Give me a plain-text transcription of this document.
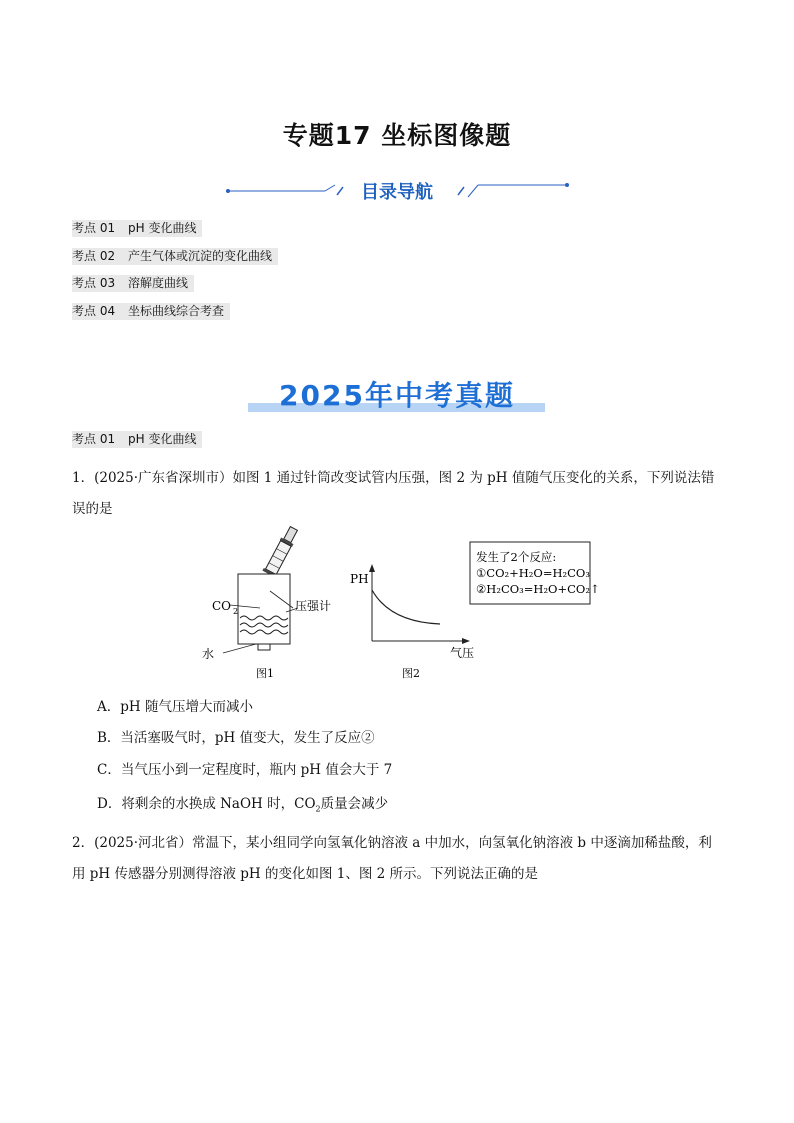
专题17 坐标图像题
目录导航
考点 01 pH 变化曲线
考点 02 产生气体或沉淀的变化曲线
考点 03 溶解度曲线
考点 04 坐标曲线综合考查
2025年中考真题
考点 01 pH 变化曲线
1．(2025·广东省深圳市）如图 1 通过针筒改变试管内压强，图 2 为 pH 值随气压变化的关系，下列说法错
误的是
CO 2	压强计
水
图1
PH
气压
图2
发生了2个反应:
①CO₂+H₂O=H₂CO₃
②H₂CO₃=H₂O+CO₂↑
A．pH 随气压增大而减小
B．当活塞吸气时，pH 值变大，发生了反应②
C．当气压小到一定程度时，瓶内 pH 值会大于 7
D．将剩余的水换成 NaOH 时，$CO_2$质量会减少
2．(2025·河北省）常温下，某小组同学向氢氧化钠溶液 a 中加水，向氢氧化钠溶液 b 中逐滴加稀盐酸，利
用 pH 传感器分别测得溶液 pH 的变化如图 1、图 2 所示。下列说法正确的是
